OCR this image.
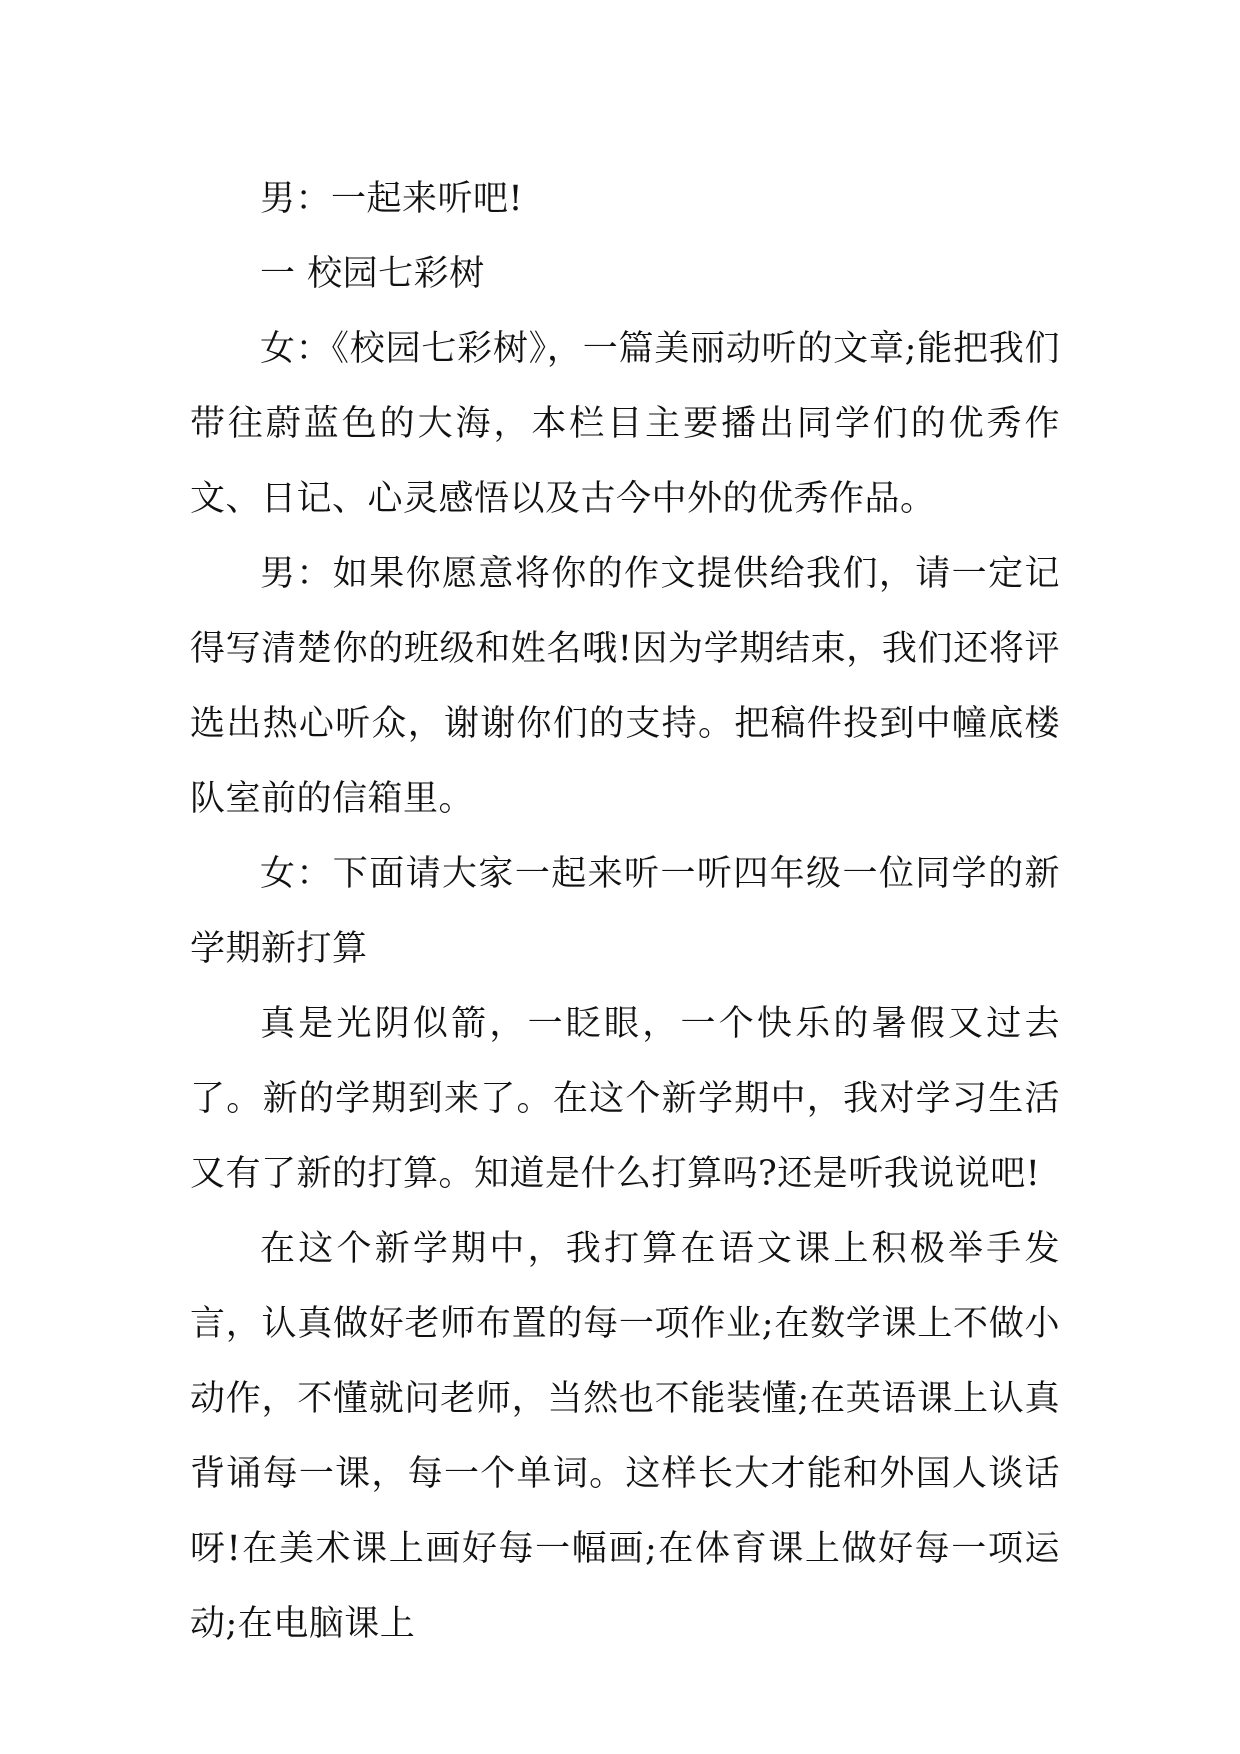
男：一起来听吧!

一 校园七彩树

女：《校园七彩树》，一篇美丽动听的文章;能把我们带往蔚蓝色的大海，本栏目主要播出同学们的优秀作文、日记、心灵感悟以及古今中外的优秀作品。

男：如果你愿意将你的作文提供给我们，请一定记得写清楚你的班级和姓名哦!因为学期结束，我们还将评选出热心听众，谢谢你们的支持。把稿件投到中幢底楼队室前的信箱里。

女：下面请大家一起来听一听四年级一位同学的新学期新打算

真是光阴似箭，一眨眼，一个快乐的暑假又过去了。新的学期到来了。在这个新学期中，我对学习生活又有了新的打算。知道是什么打算吗?还是听我说说吧!

在这个新学期中，我打算在语文课上积极举手发言，认真做好老师布置的每一项作业;在数学课上不做小动作，不懂就问老师，当然也不能装懂;在英语课上认真背诵每一课，每一个单词。这样长大才能和外国人谈话呀!在美术课上画好每一幅画;在体育课上做好每一项运动;在电脑课上
